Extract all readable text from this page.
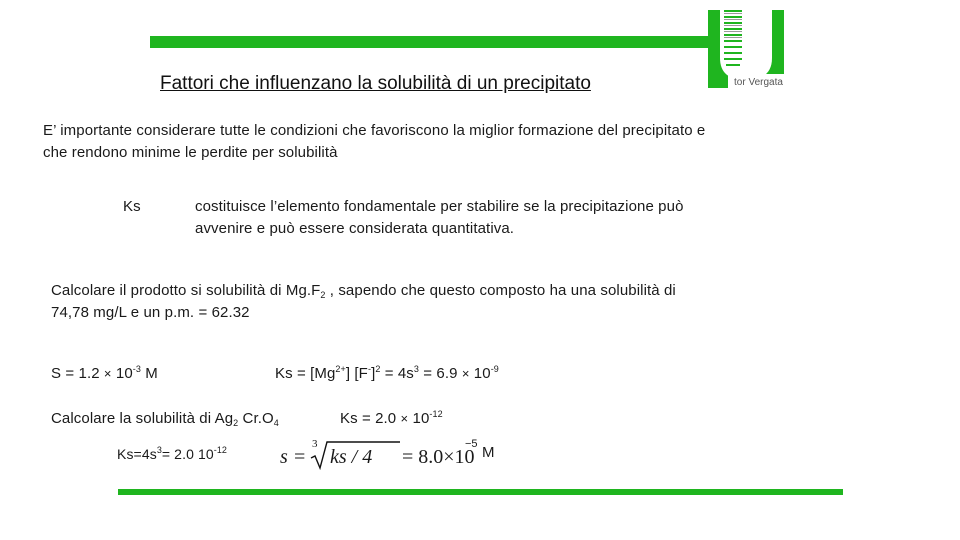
tor Vergata
Fattori che influenzano la solubilità di un precipitato
E’ importante considerare tutte le condizioni che favoriscono la miglior formazione del precipitato e
che rendono minime le perdite per solubilità
Ks	costituisce l’elemento fondamentale per stabilire se la precipitazione può
avvenire e può essere considerata quantitativa.
Calcolare il prodotto si solubilità di $Mg.F_2$ , sapendo che questo composto ha una solubilità di
74,78 mg/L e un p.m. = 62.32
$S = 1.2 \times 10^{-3}$ M	$Ks = [Mg^{2+}] [F^-]^2 = 4s^3 = 6.9 \times 10^{-9}$
Calcolare la solubilità di $Ag_2$ $Cr.O_4$	$Ks = 2.0 \times 10^{-12}$
$Ks=4s^3= 2.0$ $10^{-12}$	s =
3
ks / 4 = 8.0×10
−5 M
